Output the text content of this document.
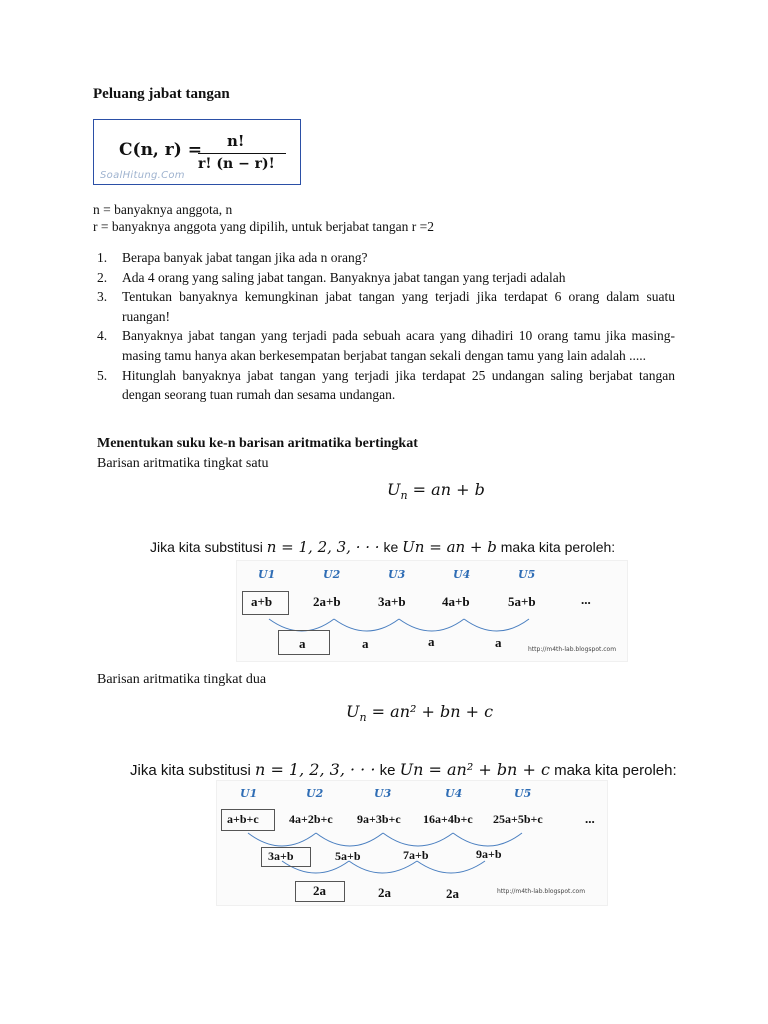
Peluang jabat tangan
C(n, r) = n!
r! (n − r)!
SoalHitung.Com
n = banyaknya anggota, n
r = banyaknya anggota yang dipilih, untuk berjabat tangan r =2
1. Berapa banyak jabat tangan jika ada n orang?
2. Ada 4 orang yang saling jabat tangan. Banyaknya jabat tangan yang terjadi adalah
3. Tentukan banyaknya kemungkinan jabat tangan yang terjadi jika terdapat 6 orang dalam suatu ruangan!
4. Banyaknya jabat tangan yang terjadi pada sebuah acara yang dihadiri 10 orang tamu jika masing-masing tamu hanya akan berkesempatan berjabat tangan sekali dengan tamu yang lain adalah .....
5. Hitunglah banyaknya jabat tangan yang terjadi jika terdapat 25 undangan saling berjabat tangan dengan seorang tuan rumah dan sesama undangan.
Menentukan suku ke-n barisan aritmatika bertingkat
Barisan aritmatika tingkat satu
$U_n$ = an + b
Jika kita substitusi n = 1, 2, 3, · · · ke Un = an + b maka kita peroleh:
U1	U2	U3	U4	U5
a+b	2a+b	3a+b	4a+b	5a+b	...
a	a	a	a	http://m4th-lab.blogspot.com
Barisan aritmatika tingkat dua
$U_n = an^2$ + bn + c
Jika kita substitusi n = 1, 2, 3, · · · ke Un = an² + bn + c maka kita peroleh:
U1	U2	U3	U4	U5
a+b+c	4a+2b+c 9a+3b+c 16a+4b+c 25a+5b+c	...
3a+b	5a+b	7a+b	9a+b
2a	2a	2a	http://m4th-lab.blogspot.com
